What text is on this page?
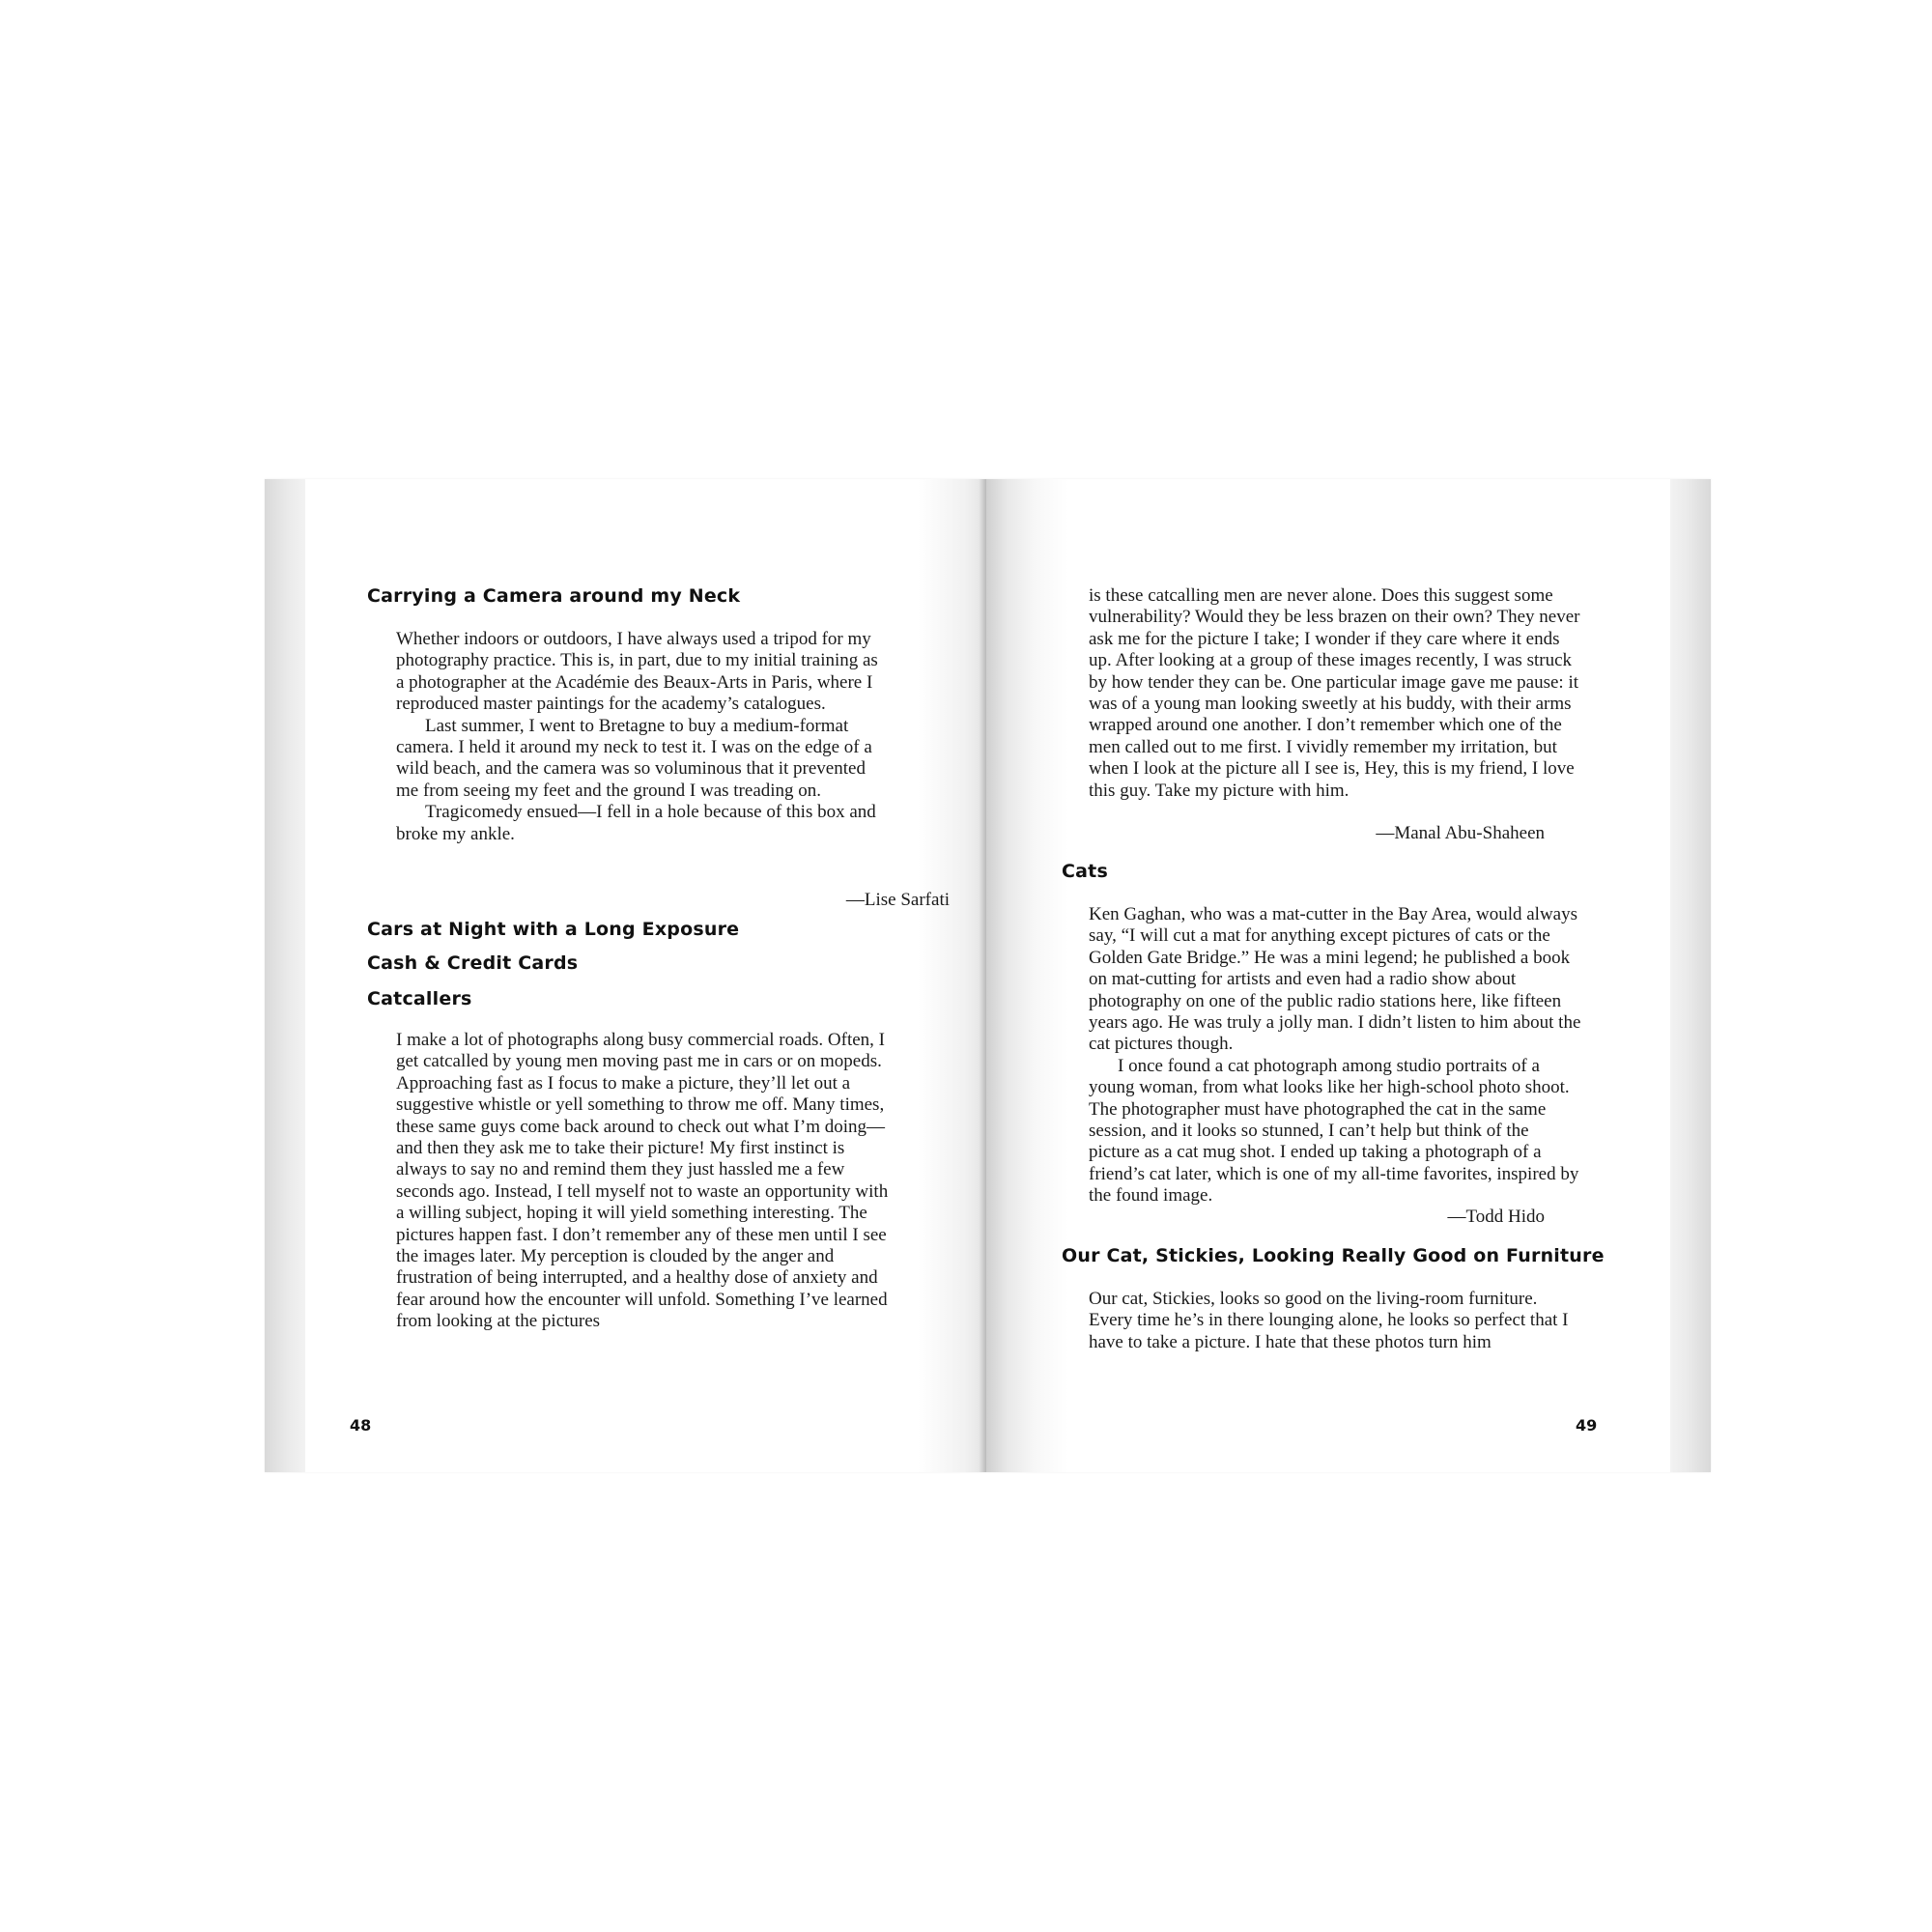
Carrying a Camera around my Neck

Whether indoors or outdoors, I have always used a tripod for my photography practice. This is, in part, due to my initial training as a photographer at the Académie des Beaux-Arts in Paris, where I reproduced master paintings for the academy’s catalogues.

Last summer, I went to Bretagne to buy a medium-format camera. I held it around my neck to test it. I was on the edge of a wild beach, and the camera was so voluminous that it prevented me from seeing my feet and the ground I was treading on.

Tragicomedy ensued—I fell in a hole because of this box and broke my ankle.

—Lise Sarfati
Cars at Night with a Long Exposure
Cash & Credit Cards
Catcallers

I make a lot of photographs along busy commercial roads. Often, I get catcalled by young men moving past me in cars or on mopeds. Approaching fast as I focus to make a picture, they’ll let out a suggestive whistle or yell something to throw me off. Many times, these same guys come back around to check out what I’m doing—and then they ask me to take their picture! My first instinct is always to say no and remind them they just hassled me a few seconds ago. Instead, I tell myself not to waste an opportunity with a willing subject, hoping it will yield something interesting. The pictures happen fast. I don’t remember any of these men until I see the images later. My perception is clouded by the anger and frustration of being interrupted, and a healthy dose of anxiety and fear around how the encounter will unfold. Something I’ve learned from looking at the pictures

48

is these catcalling men are never alone. Does this suggest some vulnerability? Would they be less brazen on their own? They never ask me for the picture I take; I wonder if they care where it ends up. After looking at a group of these images recently, I was struck by how tender they can be. One particular image gave me pause: it was of a young man looking sweetly at his buddy, with their arms wrapped around one another. I don’t remember which one of the men called out to me first. I vividly remember my irritation, but when I look at the picture all I see is, Hey, this is my friend, I love this guy. Take my picture with him.

—Manal Abu-Shaheen
Cats

Ken Gaghan, who was a mat-cutter in the Bay Area, would always say, “I will cut a mat for anything except pictures of cats or the Golden Gate Bridge.” He was a mini legend; he published a book on mat-cutting for artists and even had a radio show about photography on one of the public radio stations here, like fifteen years ago. He was truly a jolly man. I didn’t listen to him about the cat pictures though.

I once found a cat photograph among studio portraits of a young woman, from what looks like her high-school photo shoot. The photographer must have photographed the cat in the same session, and it looks so stunned, I can’t help but think of the picture as a cat mug shot. I ended up taking a photograph of a friend’s cat later, which is one of my all-time favorites, inspired by the found image.

—Todd Hido
Our Cat, Stickies, Looking Really Good on Furniture

Our cat, Stickies, looks so good on the living-room furniture. Every time he’s in there lounging alone, he looks so perfect that I have to take a picture. I hate that these photos turn him

49
